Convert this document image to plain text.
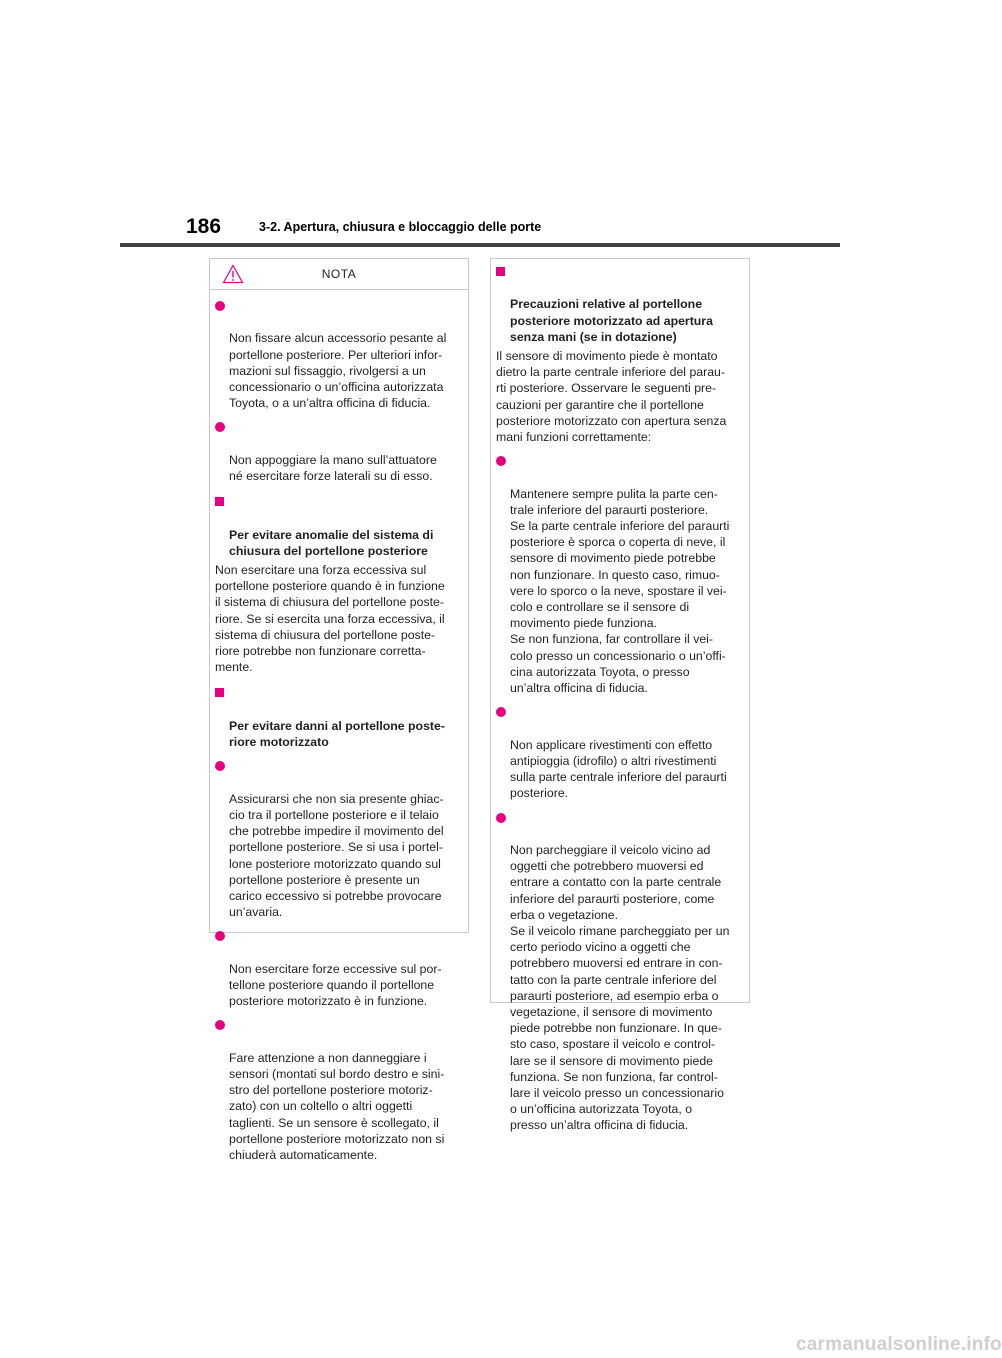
186	3-2. Apertura, chiusura e bloccaggio delle porte
NOTA

Non fissare alcun accessorio pesante al
portellone posteriore. Per ulteriori infor-
mazioni sul fissaggio, rivolgersi a un
concessionario o un’officina autorizzata
Toyota, o a un’altra officina di fiducia.

Non appoggiare la mano sull’attuatore
né esercitare forze laterali su di esso.

Per evitare anomalie del sistema di
chiusura del portellone posteriore

Non esercitare una forza eccessiva sul
portellone posteriore quando è in funzione
il sistema di chiusura del portellone poste-
riore. Se si esercita una forza eccessiva, il
sistema di chiusura del portellone poste-
riore potrebbe non funzionare corretta-
mente.

Per evitare danni al portellone poste-
riore motorizzato

Assicurarsi che non sia presente ghiac-
cio tra il portellone posteriore e il telaio
che potrebbe impedire il movimento del
portellone posteriore. Se si usa i portel-
lone posteriore motorizzato quando sul
portellone posteriore è presente un
carico eccessivo si potrebbe provocare
un’avaria.

Non esercitare forze eccessive sul por-
tellone posteriore quando il portellone
posteriore motorizzato è in funzione.

Fare attenzione a non danneggiare i
sensori (montati sul bordo destro e sini-
stro del portellone posteriore motoriz-
zato) con un coltello o altri oggetti
taglienti. Se un sensore è scollegato, il
portellone posteriore motorizzato non si
chiuderà automaticamente.

Precauzioni relative al portellone
posteriore motorizzato ad apertura
senza mani (se in dotazione)

Il sensore di movimento piede è montato
dietro la parte centrale inferiore del parau-
rti posteriore. Osservare le seguenti pre-
cauzioni per garantire che il portellone
posteriore motorizzato con apertura senza
mani funzioni correttamente:

Mantenere sempre pulita la parte cen-
trale inferiore del paraurti posteriore.
Se la parte centrale inferiore del paraurti
posteriore è sporca o coperta di neve, il
sensore di movimento piede potrebbe
non funzionare. In questo caso, rimuo-
vere lo sporco o la neve, spostare il vei-
colo e controllare se il sensore di
movimento piede funziona.
Se non funziona, far controllare il vei-
colo presso un concessionario o un’offi-
cina autorizzata Toyota, o presso
un’altra officina di fiducia.

Non applicare rivestimenti con effetto
antipioggia (idrofilo) o altri rivestimenti
sulla parte centrale inferiore del paraurti
posteriore.

Non parcheggiare il veicolo vicino ad
oggetti che potrebbero muoversi ed
entrare a contatto con la parte centrale
inferiore del paraurti posteriore, come
erba o vegetazione.
Se il veicolo rimane parcheggiato per un
certo periodo vicino a oggetti che
potrebbero muoversi ed entrare in con-
tatto con la parte centrale inferiore del
paraurti posteriore, ad esempio erba o
vegetazione, il sensore di movimento
piede potrebbe non funzionare. In que-
sto caso, spostare il veicolo e control-
lare se il sensore di movimento piede
funziona. Se non funziona, far control-
lare il veicolo presso un concessionario
o un’officina autorizzata Toyota, o
presso un’altra officina di fiducia.

carmanualsonline.info
